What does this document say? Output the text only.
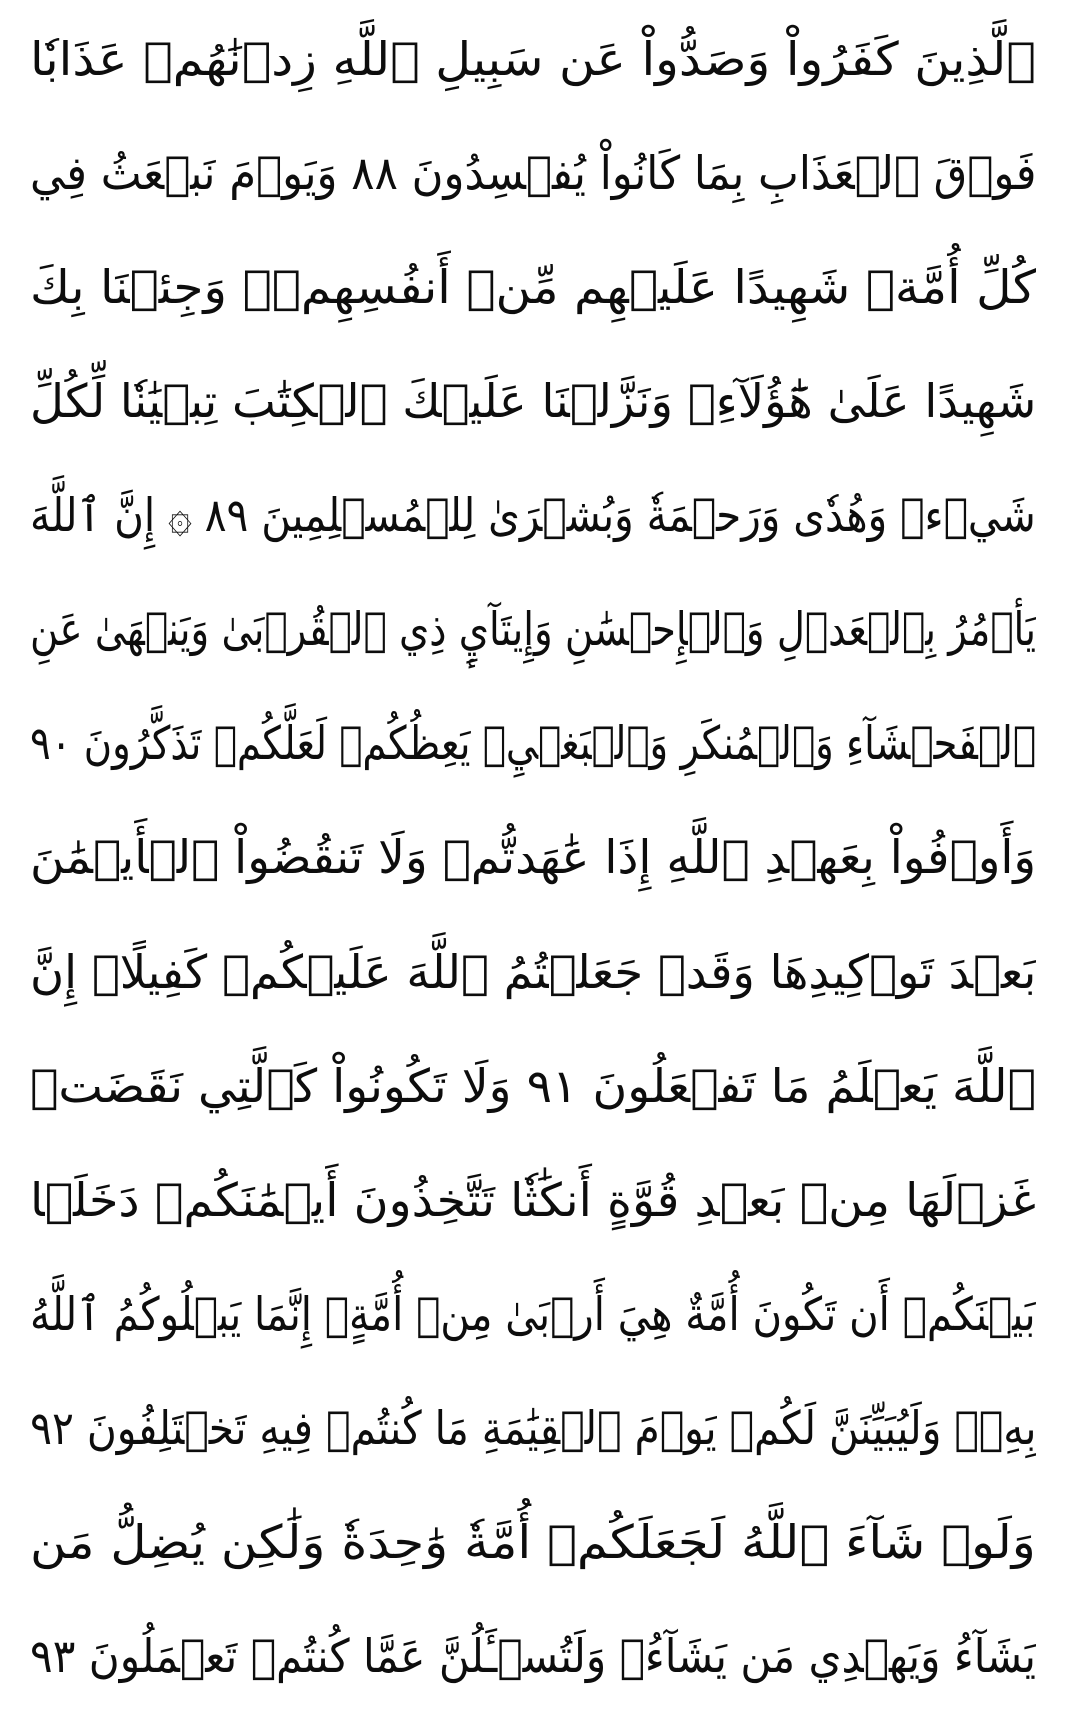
ٱلَّذِينَ كَفَرُواْ وَصَدُّواْ عَن سَبِيلِ ٱللَّهِ زِدۡنَٰهُمۡ عَذَابٗا
فَوۡقَ ٱلۡعَذَابِ بِمَا كَانُواْ يُفۡسِدُونَ ٨٨ وَيَوۡمَ نَبۡعَثُ فِي
كُلِّ أُمَّةٖ شَهِيدًا عَلَيۡهِم مِّنۡ أَنفُسِهِمۡۖ وَجِئۡنَا بِكَ
شَهِيدًا عَلَىٰ هَٰٓؤُلَآءِۚ وَنَزَّلۡنَا عَلَيۡكَ ٱلۡكِتَٰبَ تِبۡيَٰنٗا لِّكُلِّ
شَيۡءٖ وَهُدٗى وَرَحۡمَةٗ وَبُشۡرَىٰ لِلۡمُسۡلِمِينَ ٨٩ ۞ إِنَّ ٱللَّهَ
يَأۡمُرُ بِٱلۡعَدۡلِ وَٱلۡإِحۡسَٰنِ وَإِيتَآيِٕ ذِي ٱلۡقُرۡبَىٰ وَيَنۡهَىٰ عَنِ
ٱلۡفَحۡشَآءِ وَٱلۡمُنكَرِ وَٱلۡبَغۡيِۚ يَعِظُكُمۡ لَعَلَّكُمۡ تَذَكَّرُونَ ٩٠
وَأَوۡفُواْ بِعَهۡدِ ٱللَّهِ إِذَا عَٰهَدتُّمۡ وَلَا تَنقُضُواْ ٱلۡأَيۡمَٰنَ
بَعۡدَ تَوۡكِيدِهَا وَقَدۡ جَعَلۡتُمُ ٱللَّهَ عَلَيۡكُمۡ كَفِيلًاۚ إِنَّ
ٱللَّهَ يَعۡلَمُ مَا تَفۡعَلُونَ ٩١ وَلَا تَكُونُواْ كَٱلَّتِي نَقَضَتۡ
غَزۡلَهَا مِنۢ بَعۡدِ قُوَّةٍ أَنكَٰثٗا تَتَّخِذُونَ أَيۡمَٰنَكُمۡ دَخَلَۢا
بَيۡنَكُمۡ أَن تَكُونَ أُمَّةٌ هِيَ أَرۡبَىٰ مِنۡ أُمَّةٍۚ إِنَّمَا يَبۡلُوكُمُ ٱللَّهُ
بِهِۦۚ وَلَيُبَيِّنَنَّ لَكُمۡ يَوۡمَ ٱلۡقِيَٰمَةِ مَا كُنتُمۡ فِيهِ تَخۡتَلِفُونَ ٩٢
وَلَوۡ شَآءَ ٱللَّهُ لَجَعَلَكُمۡ أُمَّةٗ وَٰحِدَةٗ وَلَٰكِن يُضِلُّ مَن
يَشَآءُ وَيَهۡدِي مَن يَشَآءُۚ وَلَتُسۡـَٔلُنَّ عَمَّا كُنتُمۡ تَعۡمَلُونَ ٩٣
